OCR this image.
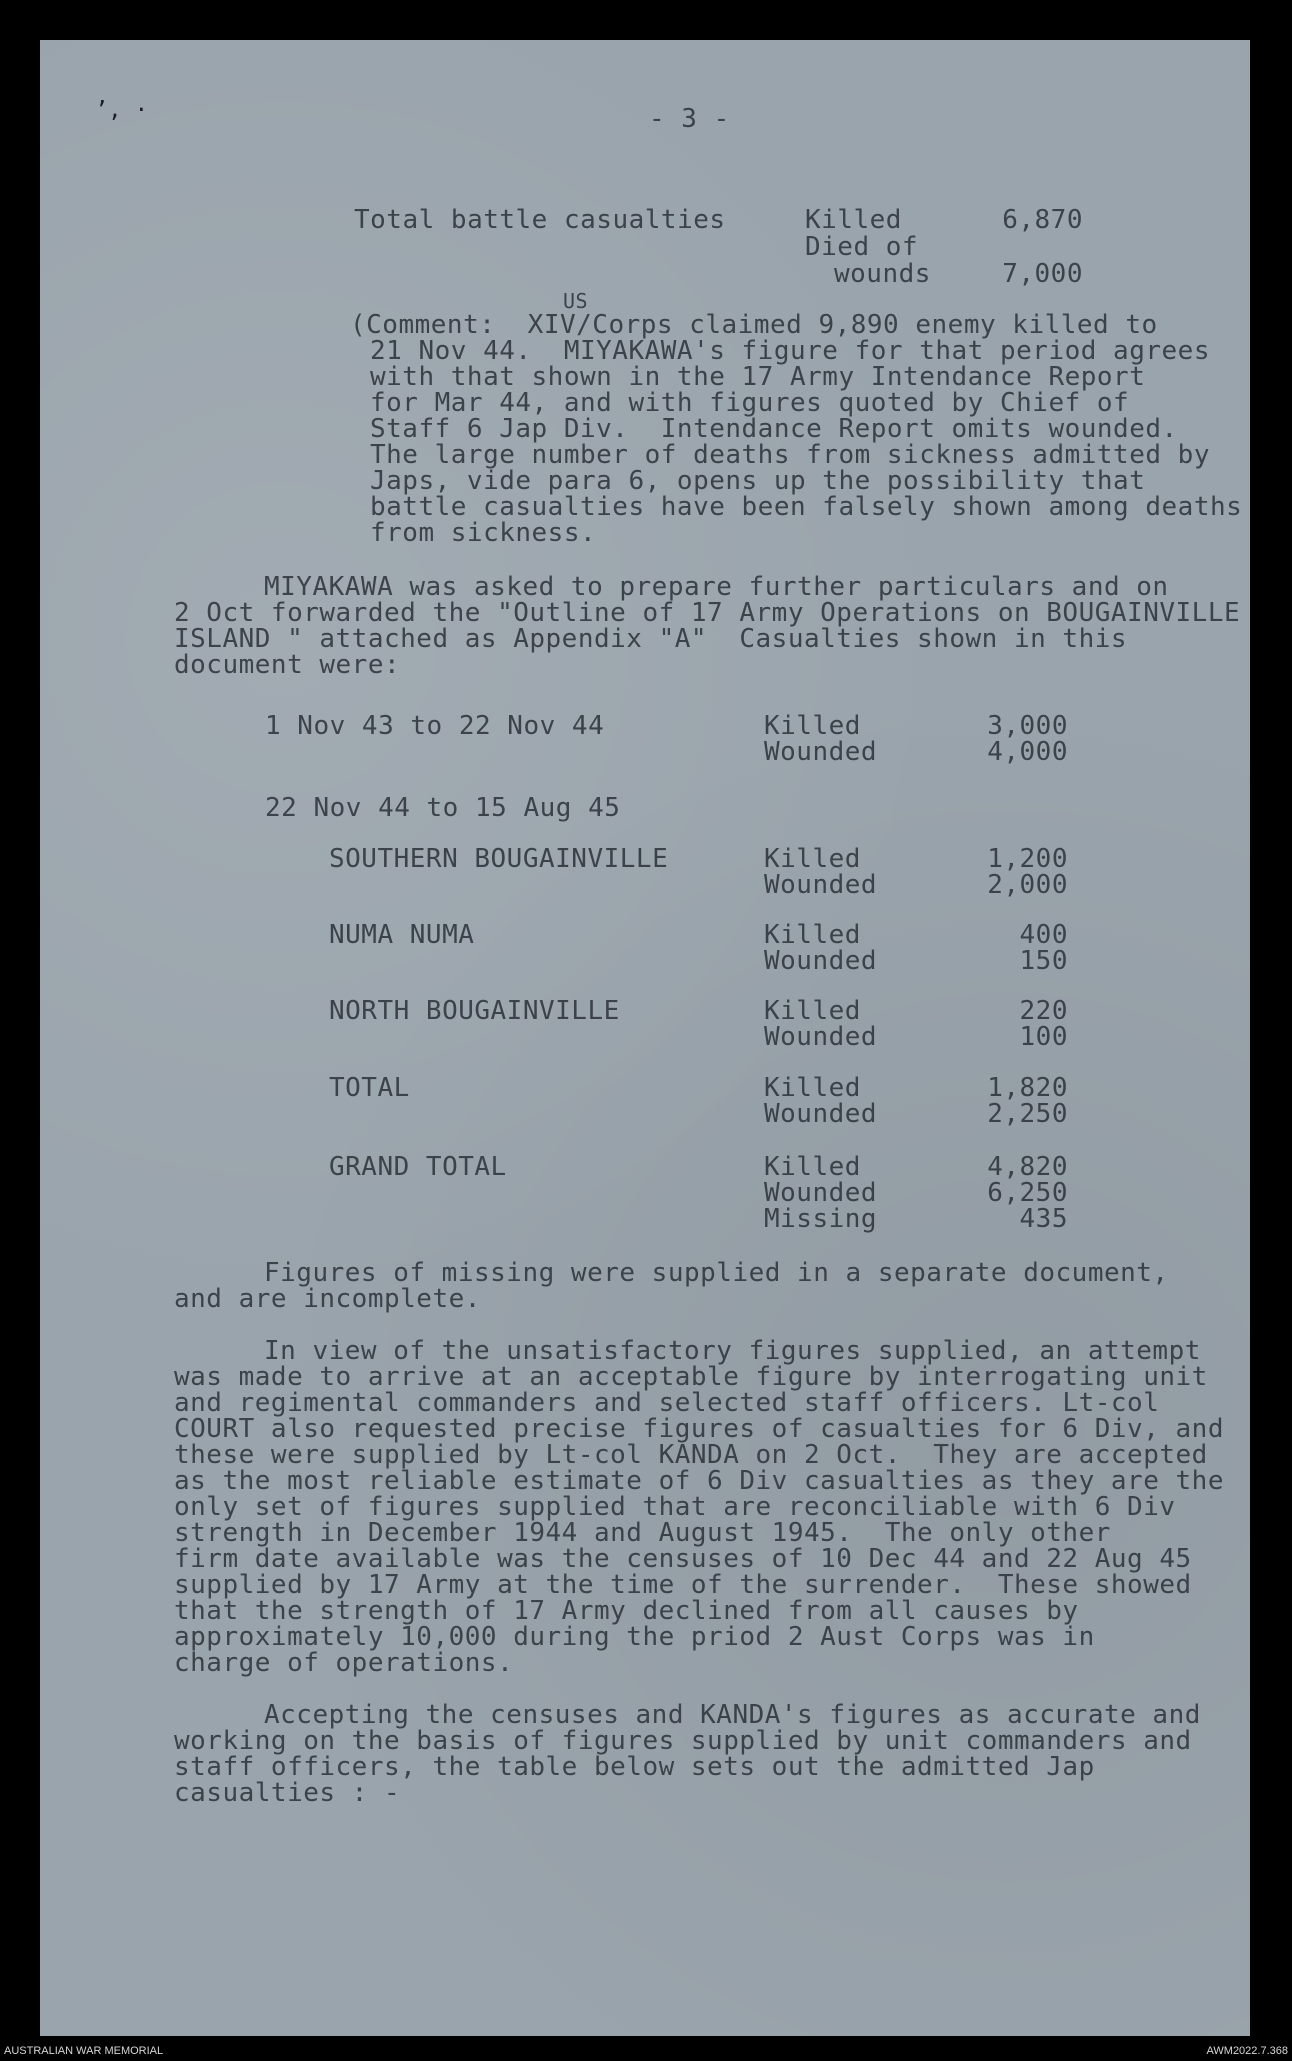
’‚ ·	- 3 -
Total battle casualties	Killed	6,870
Died of
wounds	7,000
US
(Comment:  XIV/Corps claimed 9,890 enemy killed to
21 Nov 44.  MIYAKAWA's figure for that period agrees
with that shown in the 17 Army Intendance Report
for Mar 44, and with figures quoted by Chief of
Staff 6 Jap Div.  Intendance Report omits wounded.
The large number of deaths from sickness admitted by
Japs, vide para 6, opens up the possibility that
battle casualties have been falsely shown among deaths
from sickness.
MIYAKAWA was asked to prepare further particulars and on
2 Oct forwarded the "Outline of 17 Army Operations on BOUGAINVILLE
ISLAND " attached as Appendix "A"  Casualties shown in this
document were:
1 Nov 43 to 22 Nov 44	Killed	3,000
Wounded	4,000
22 Nov 44 to 15 Aug 45
SOUTHERN BOUGAINVILLE	Killed	1,200
Wounded	2,000
NUMA NUMA	Killed	400
Wounded	150
NORTH BOUGAINVILLE	Killed	220
Wounded	100
TOTAL	Killed	1,820
Wounded	2,250
GRAND TOTAL	Killed	4,820
Wounded	6,250
Missing	435
Figures of missing were supplied in a separate document,
and are incomplete.
In view of the unsatisfactory figures supplied, an attempt
was made to arrive at an acceptable figure by interrogating unit
and regimental commanders and selected staff officers. Lt-col
COURT also requested precise figures of casualties for 6 Div, and
these were supplied by Lt-col KANDA on 2 Oct.  They are accepted
as the most reliable estimate of 6 Div casualties as they are the
only set of figures supplied that are reconciliable with 6 Div
strength in December 1944 and August 1945.  The only other
firm date available was the censuses of 10 Dec 44 and 22 Aug 45
supplied by 17 Army at the time of the surrender.  These showed
that the strength of 17 Army declined from all causes by
approximately 10,000 during the priod 2 Aust Corps was in
charge of operations.
Accepting the censuses and KANDA's figures as accurate and
working on the basis of figures supplied by unit commanders and
staff officers, the table below sets out the admitted Jap
casualties : -
AUSTRALIAN WAR MEMORIAL	AWM2022.7.368
